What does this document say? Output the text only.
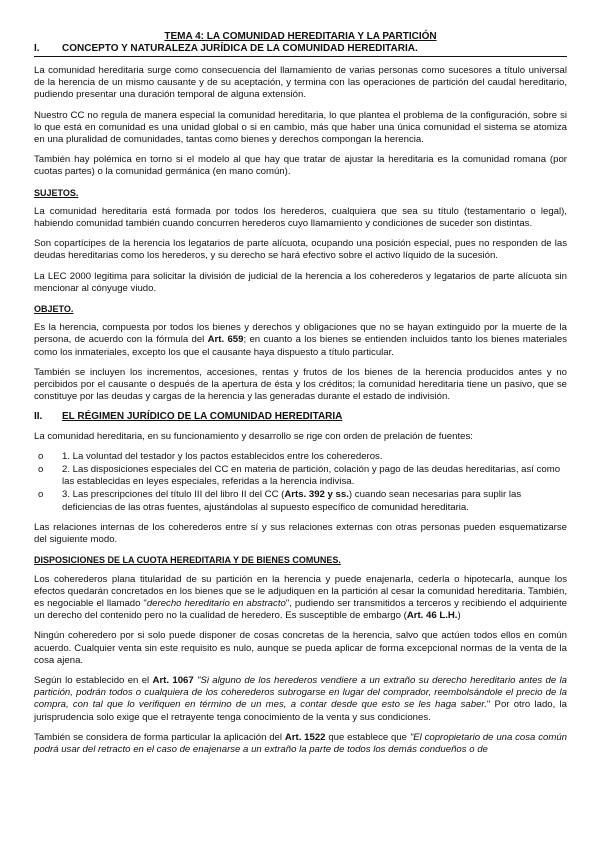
TEMA 4: LA COMUNIDAD HEREDITARIA Y LA PARTICIÓN
I.	CONCEPTO Y NATURALEZA JURÍDICA DE LA COMUNIDAD HEREDITARIA.

La comunidad hereditaria surge como consecuencia del llamamiento de varias personas como sucesores a título universal de la herencia de un mismo causante y de su aceptación, y termina con las operaciones de partición del caudal hereditario, pudiendo presentar una duración temporal de alguna extensión.

Nuestro CC no regula de manera especial la comunidad hereditaria, lo que plantea el problema de la configuración, sobre si lo que está en comunidad es una unidad global o si en cambio, más que haber una única comunidad el sistema se atomiza en una pluralidad de comunidades, tantas como bienes y derechos compongan la herencia.

También hay polémica en torno si el modelo al que hay que tratar de ajustar la hereditaria es la comunidad romana (por cuotas partes) o la comunidad germánica (en mano común).

SUJETOS.

La comunidad hereditaria está formada por todos los herederos, cualquiera que sea su título (testamentario o legal), habiendo comunidad también cuando concurren herederos cuyo llamamiento y condiciones de suceder son distintas.

Son copartícipes de la herencia los legatarios de parte alícuota, ocupando una posición especial, pues no responden de las deudas hereditarias como los herederos, y su derecho se hará efectivo sobre el activo líquido de la sucesión.

La LEC 2000 legitima para solicitar la división de judicial de la herencia a los coherederos y legatarios de parte alícuota sin mencionar al cónyuge viudo.

OBJETO.

Es la herencia, compuesta por todos los bienes y derechos y obligaciones que no se hayan extinguido por la muerte de la persona, de acuerdo con la fórmula del Art. 659; en cuanto a los bienes se entienden incluidos tanto los bienes materiales como los inmateriales, excepto los que el causante haya dispuesto a título particular.

También se incluyen los incrementos, accesiones, rentas y frutos de los bienes de la herencia producidos antes y no percibidos por el causante o después de la apertura de ésta y los créditos; la comunidad hereditaria tiene un pasivo, que se constituye por las deudas y cargas de la herencia y las generadas durante el estado de indivisión.

II.	EL RÉGIMEN JURÍDICO DE LA COMUNIDAD HEREDITARIA

La comunidad hereditaria, en su funcionamiento y desarrollo se rige con orden de prelación de fuentes:

o	1. La voluntad del testador y los pactos establecidos entre los coherederos.
o	2. Las disposiciones especiales del CC en materia de partición, colación y pago de las deudas hereditarias, así como las establecidas en leyes especiales, referidas a la herencia indivisa.
o	3. Las prescripciones del título III del libro II del CC (Arts. 392 y ss.) cuando sean necesarias para suplir las deficiencias de las otras fuentes, ajustándolas al supuesto específico de comunidad hereditaria.

Las relaciones internas de los coherederos entre sí y sus relaciones externas con otras personas pueden esquematizarse del siguiente modo.

DISPOSICIONES DE LA CUOTA HEREDITARIA Y DE BIENES COMUNES.

Los coherederos plana titularidad de su partición en la herencia y puede enajenarla, cederla o hipotecarla, aunque los efectos quedarán concretados en los bienes que se le adjudiquen en la partición al cesar la comunidad hereditaria. También, es negociable el llamado "derecho hereditario en abstracto", pudiendo ser transmitidos a terceros y recibiendo el adquiriente un derecho del contenido pero no la cualidad de heredero. Es susceptible de embargo (Art. 46 L.H.)

Ningún coheredero por si solo puede disponer de cosas concretas de la herencia, salvo que actúen todos ellos en común acuerdo. Cualquier venta sin este requisito es nulo, aunque se pueda aplicar de forma excepcional normas de la venta de la cosa ajena.

Según lo establecido en el Art. 1067 "Si alguno de los herederos vendiere a un extraño su derecho hereditario antes de la partición, podrán todos o cualquiera de los coherederos subrogarse en lugar del comprador, reembolsándole el precio de la compra, con tal que lo verifiquen en término de un mes, a contar desde que esto se les haga saber." Por otro lado, la jurisprudencia solo exige que el retrayente tenga conocimiento de la venta y sus condiciones.

También se considera de forma particular la aplicación del Art. 1522 que establece que "El copropietario de una cosa común podrá usar del retracto en el caso de enajenarse a un extraño la parte de todos los demás condueños o de
